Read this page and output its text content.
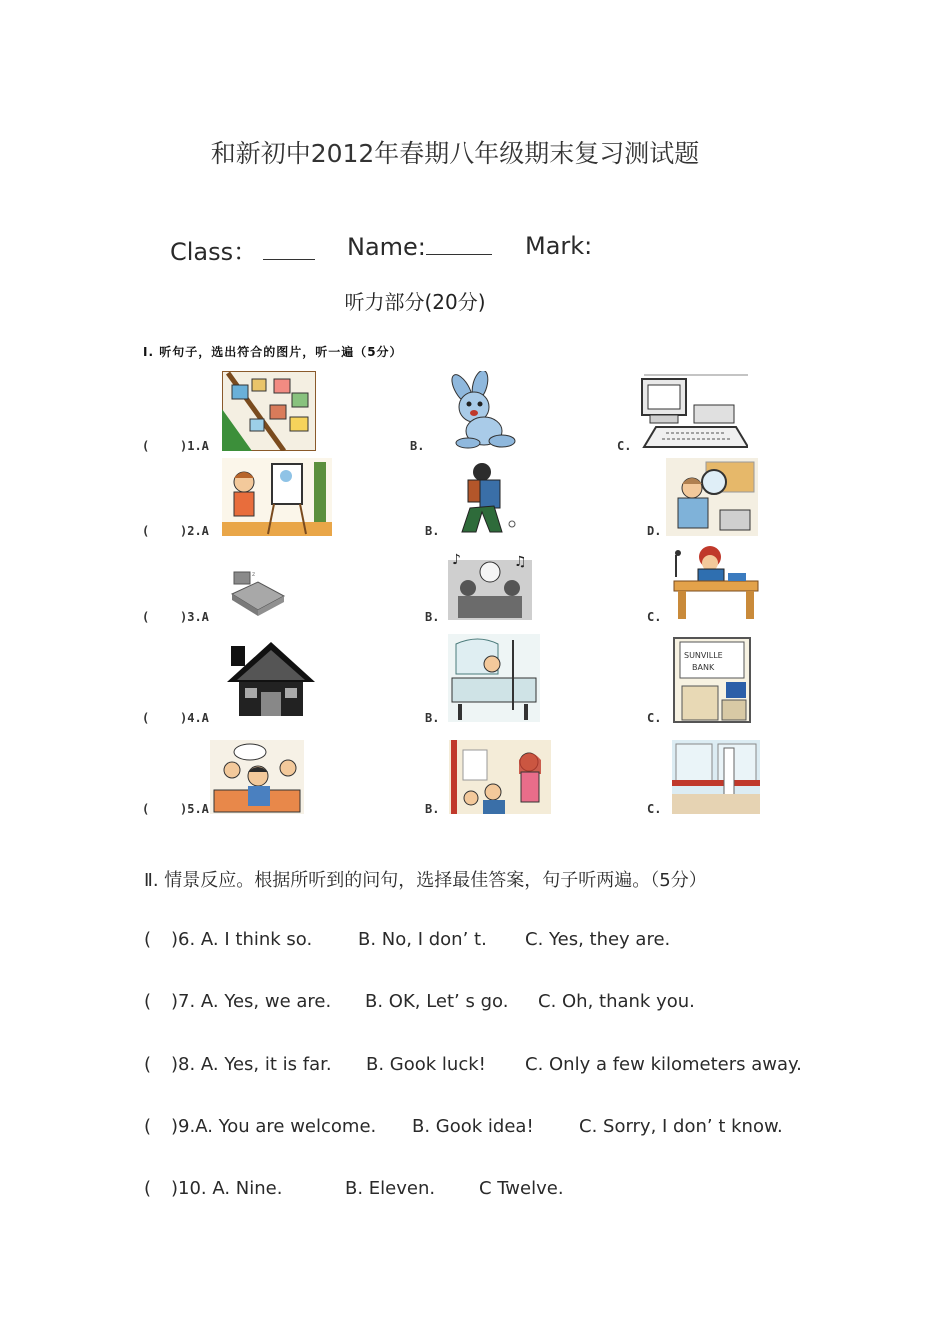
和新初中2012年春期八年级期末复习测试题
Class：	Name:	Mark:
听力部分(20分)
I. 听句子，选出符合的图片，听一遍（5分）
(	)1.A	B.	C.
(	)2.A	B.	D.
(	)3.A	B.	C.
(	)4.A	B.	C.
(	)5.A	B.	C.
z
♪	♫
SUNVILLE
BANK
Ⅱ. 情景反应。根据所听到的问句，选择最佳答案，句子听两遍。（5分）
( )6. A. I think so.	B. No, I don’ t. C. Yes, they are.
( )7. A. Yes, we are. B. OK, Let’ s go. C. Oh, thank you.
( )8. A. Yes, it is far. B. Gook luck! C. Only a few kilometers away.
( )9.A. You are welcome. B. Gook idea!	C. Sorry, I don’ t know.
( )10. A. Nine.	B. Eleven. C Twelve.
